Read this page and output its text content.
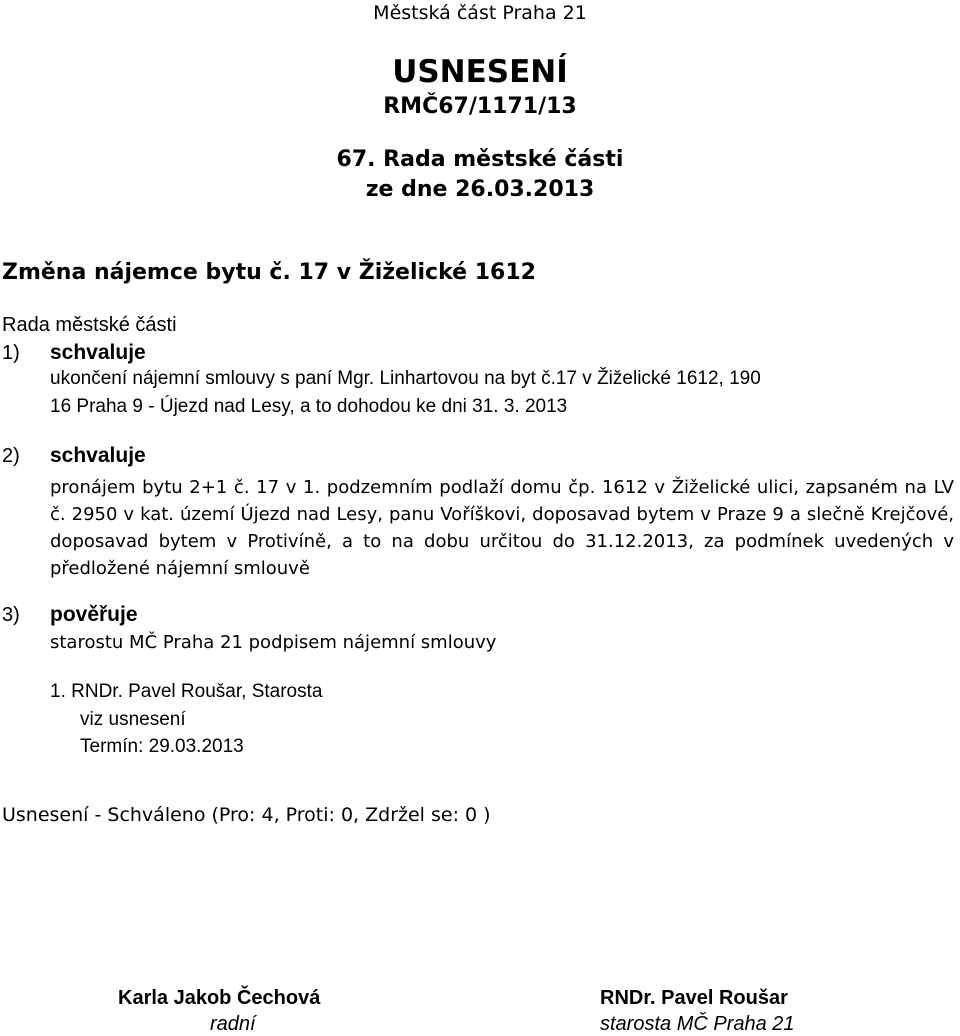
Městská část Praha 21
USNESENÍ
RMČ67/1171/13
67. Rada městské části
ze dne 26.03.2013
Změna nájemce bytu č. 17 v Žiželické 1612
Rada městské části
1) schvaluje
ukončení nájemní smlouvy s paní Mgr. Linhartovou na byt č.17 v Žiželické 1612, 190
16 Praha 9 - Újezd nad Lesy, a to dohodou ke dni 31. 3. 2013
2) schvaluje
pronájem bytu 2+1 č. 17 v 1. podzemním podlaží domu čp. 1612 v Žiželické ulici, zapsaném na LV č. 2950 v kat. území Újezd nad Lesy, panu Voříškovi, doposavad bytem v Praze 9 a slečně Krejčové, doposavad bytem v Protivíně, a to na dobu určitou do 31.12.2013, za podmínek uvedených v předložené nájemní smlouvě
3) pověřuje
starostu MČ Praha 21 podpisem nájemní smlouvy
1. RNDr. Pavel Roušar, Starosta
viz usnesení
Termín: 29.03.2013
Usnesení - Schváleno (Pro: 4, Proti: 0, Zdržel se: 0 )
Karla Jakob Čechová
radní
RNDr. Pavel Roušar
starosta MČ Praha 21
